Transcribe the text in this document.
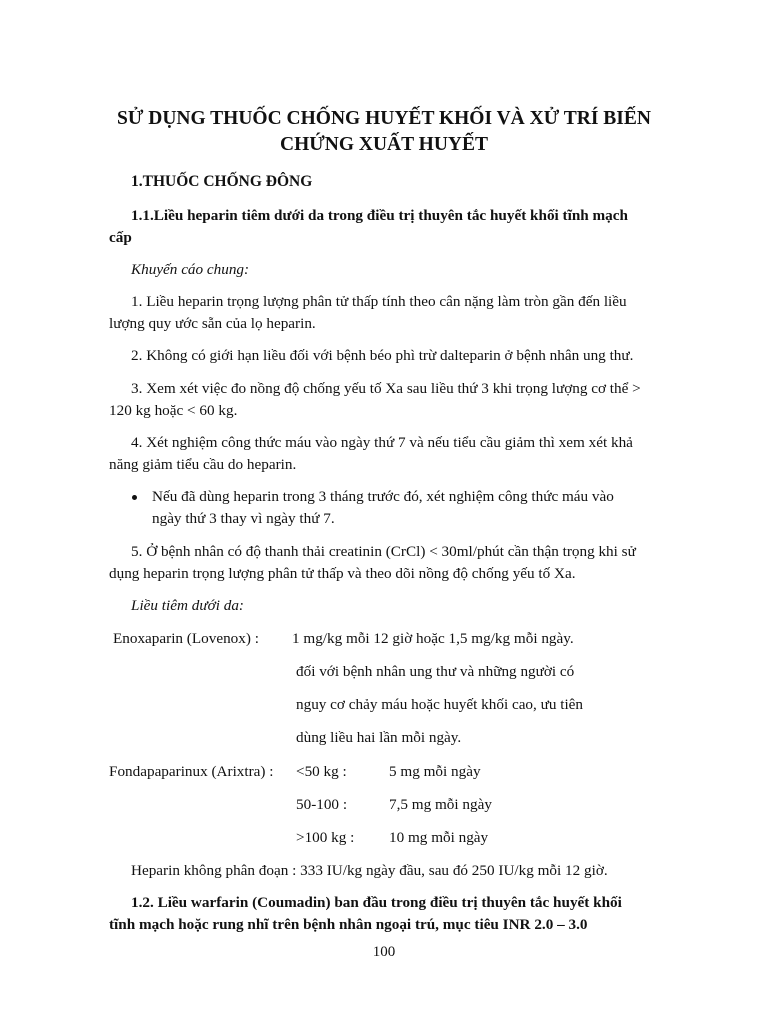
SỬ DỤNG THUỐC CHỐNG HUYẾT KHỐI VÀ XỬ TRÍ BIẾN
CHỨNG XUẤT HUYẾT
1.THUỐC CHỐNG ĐÔNG
1.1.Liều heparin tiêm dưới da trong điều trị thuyên tắc huyết khối tĩnh mạch
cấp
Khuyến cáo chung:
1. Liều heparin trọng lượng phân tử thấp tính theo cân nặng làm tròn gần đến liều
lượng quy ước sẵn của lọ heparin.
2. Không có giới hạn liều đối với bệnh béo phì trừ dalteparin ở bệnh nhân ung thư.
3. Xem xét việc đo nồng độ chống yếu tố Xa sau liều thứ 3 khi trọng lượng cơ thể >
120 kg hoặc < 60 kg.
4. Xét nghiệm công thức máu vào ngày thứ 7 và nếu tiểu cầu giảm thì xem xét khả
năng giảm tiểu cầu do heparin.
Nếu đã dùng heparin trong 3 tháng trước đó, xét nghiệm công thức máu vào
ngày thứ 3 thay vì ngày thứ 7.
5. Ở bệnh nhân có độ thanh thải creatinin (CrCl) < 30ml/phút cần thận trọng khi sử
dụng heparin trọng lượng phân tử thấp và theo dõi nồng độ chống yếu tố Xa.
Liều tiêm dưới da:
Enoxaparin (Lovenox) : 1 mg/kg mỗi 12 giờ hoặc 1,5 mg/kg mỗi ngày.
đối với bệnh nhân ung thư và những người có
nguy cơ chảy máu hoặc huyết khối cao, ưu tiên
dùng liều hai lần mỗi ngày.
Fondapaparinux (Arixtra) : <50 kg :	5 mg mỗi ngày
50-100 :	7,5 mg mỗi ngày
>100 kg : 10 mg mỗi ngày
Heparin không phân đoạn : 333 IU/kg ngày đầu, sau đó 250 IU/kg mỗi 12 giờ.
1.2. Liều warfarin (Coumadin) ban đầu trong điều trị thuyên tắc huyết khối
tĩnh mạch hoặc rung nhĩ trên bệnh nhân ngoại trú, mục tiêu INR 2.0 – 3.0
100
